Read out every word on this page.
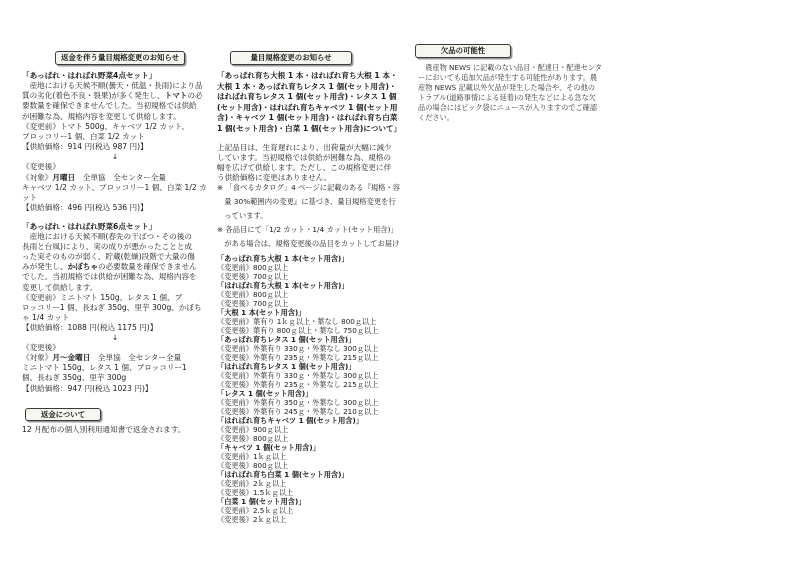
返金を伴う量目規格変更のお知らせ
「あっぱれ・はればれ野菜4点セット」
　産地における天候不順(曇天・低温・長雨)により品
質の劣化(着色不良・裂果)が多く発生し、トマトの必
要数量を確保できませんでした。当初規格では供給
が困難な為、規格内容を変更して供給します。
《変更前》トマト 500g、キャベツ 1/2 カット、
ブロッコリー1 個、白菜 1/2 カット
【供給価格：914 円(税込 987 円)】
↓
《変更後》
《対象》月曜日　全単協　全センター全量
キャベツ 1/2 カット、ブロッコリー1 個、白菜 1/2 カ
ット
【供給価格：496 円(税込 536 円)】
「あっぱれ・はればれ野菜6点セット」
　産地における天候不順(春先の干ばつ・その後の
長雨と台風)により、実の成りが悪かったことと成
った実そのものが弱く、貯蔵(乾燥)段階で大量の傷
みが発生し、かぼちゃの必要数量を確保できません
でした。当初規格では供給が困難な為、規格内容を
変更して供給します。
《変更前》ミニトマト 150g、レタス 1 個、ブ
ロッコリー1 個、長ねぎ 350g、里芋 300g、かぼち
ゃ 1/4 カット
【供給価格：1088 円(税込 1175 円)】
↓
《変更後》
《対象》月～金曜日　全単協　全センター全量
ミニトマト 150g、レタス 1 個、ブロッコリー1
個、長ねぎ 350g、里芋 300g
【供給価格：947 円(税込 1023 円)】
返金について
12 月配布の個人別利用通知書で返金されます。
量目規格変更のお知らせ
「あっぱれ育ち大根 1 本・はればれ育ち大根 1 本・
大根 1 本・あっぱれ育ちレタス 1 個(セット用含)・
はればれ育ちレタス 1 個(セット用含)・レタス 1 個
(セット用含)・はればれ育ちキャベツ 1 個(セット用
含)・キャベツ 1 個(セット用含)・はればれ育ち白菜
1 個(セット用含)・白菜 1 個(セット用含)について」
上記品目は、生育遅れにより、出荷量が大幅に減少
しています。当初規格では供給が困難な為、規格の
幅を広げて供給します。ただし、この規格変更に伴
う供給価格に変更はありません。
※ 「食べるカタログ」4 ページに記載のある『規格・容
　量 30%範囲内の変更』に基づき、量目規格変更を行
　っています。
※ 各品目にて「1/2 カット・1/4 カット(セット用含)」
　がある場合は、規格変更後の品目をカットしてお届け
「あっぱれ育ち大根 1 本(セット用含)」
《変更前》800ｇ以上
《変更後》700ｇ以上
「はればれ育ち大根 1 本(セット用含)」
《変更前》800ｇ以上
《変更後》700ｇ以上
「大根 1 本(セット用含)」
《変更前》葉有り 1ｋｇ以上・葉なし 800ｇ以上
《変更後》葉有り 800ｇ以上・葉なし 750ｇ以上
「あっぱれ育ちレタス 1 個(セット用含)」
《変更前》外葉有り 330ｇ・外葉なし 300ｇ以上
《変更後》外葉有り 235ｇ・外葉なし 215ｇ以上
「はればれ育ちレタス 1 個(セット用含)」
《変更前》外葉有り 330ｇ・外葉なし 300ｇ以上
《変更後》外葉有り 235ｇ・外葉なし 215ｇ以上
「レタス 1 個(セット用含)」
《変更前》外葉有り 350ｇ・外葉なし 300ｇ以上
《変更後》外葉有り 245ｇ・外葉なし 210ｇ以上
「はればれ育ちキャベツ 1 個(セット用含)」
《変更前》900ｇ以上
《変更後》800ｇ以上
「キャベツ 1 個(セット用含)」
《変更前》1ｋｇ以上
《変更後》800ｇ以上
「はればれ育ち白菜 1 個(セット用含)」
《変更前》2ｋｇ以上
《変更後》1.5ｋｇ以上
「白菜 1 個(セット用含)」
《変更前》2.5ｋｇ以上
《変更後》2ｋｇ以上
欠品の可能性
　農産物 NEWS に記載のない品目・配達日・配達センタ
ーにおいても追加欠品が発生する可能性があります。農
産物 NEWS 記載以外欠品が発生した場合や、その他の
トラブル(道路事情による延着)の発生などによる急な欠
品の場合にはピック袋にニュースが入りますのでご確認
ください。
